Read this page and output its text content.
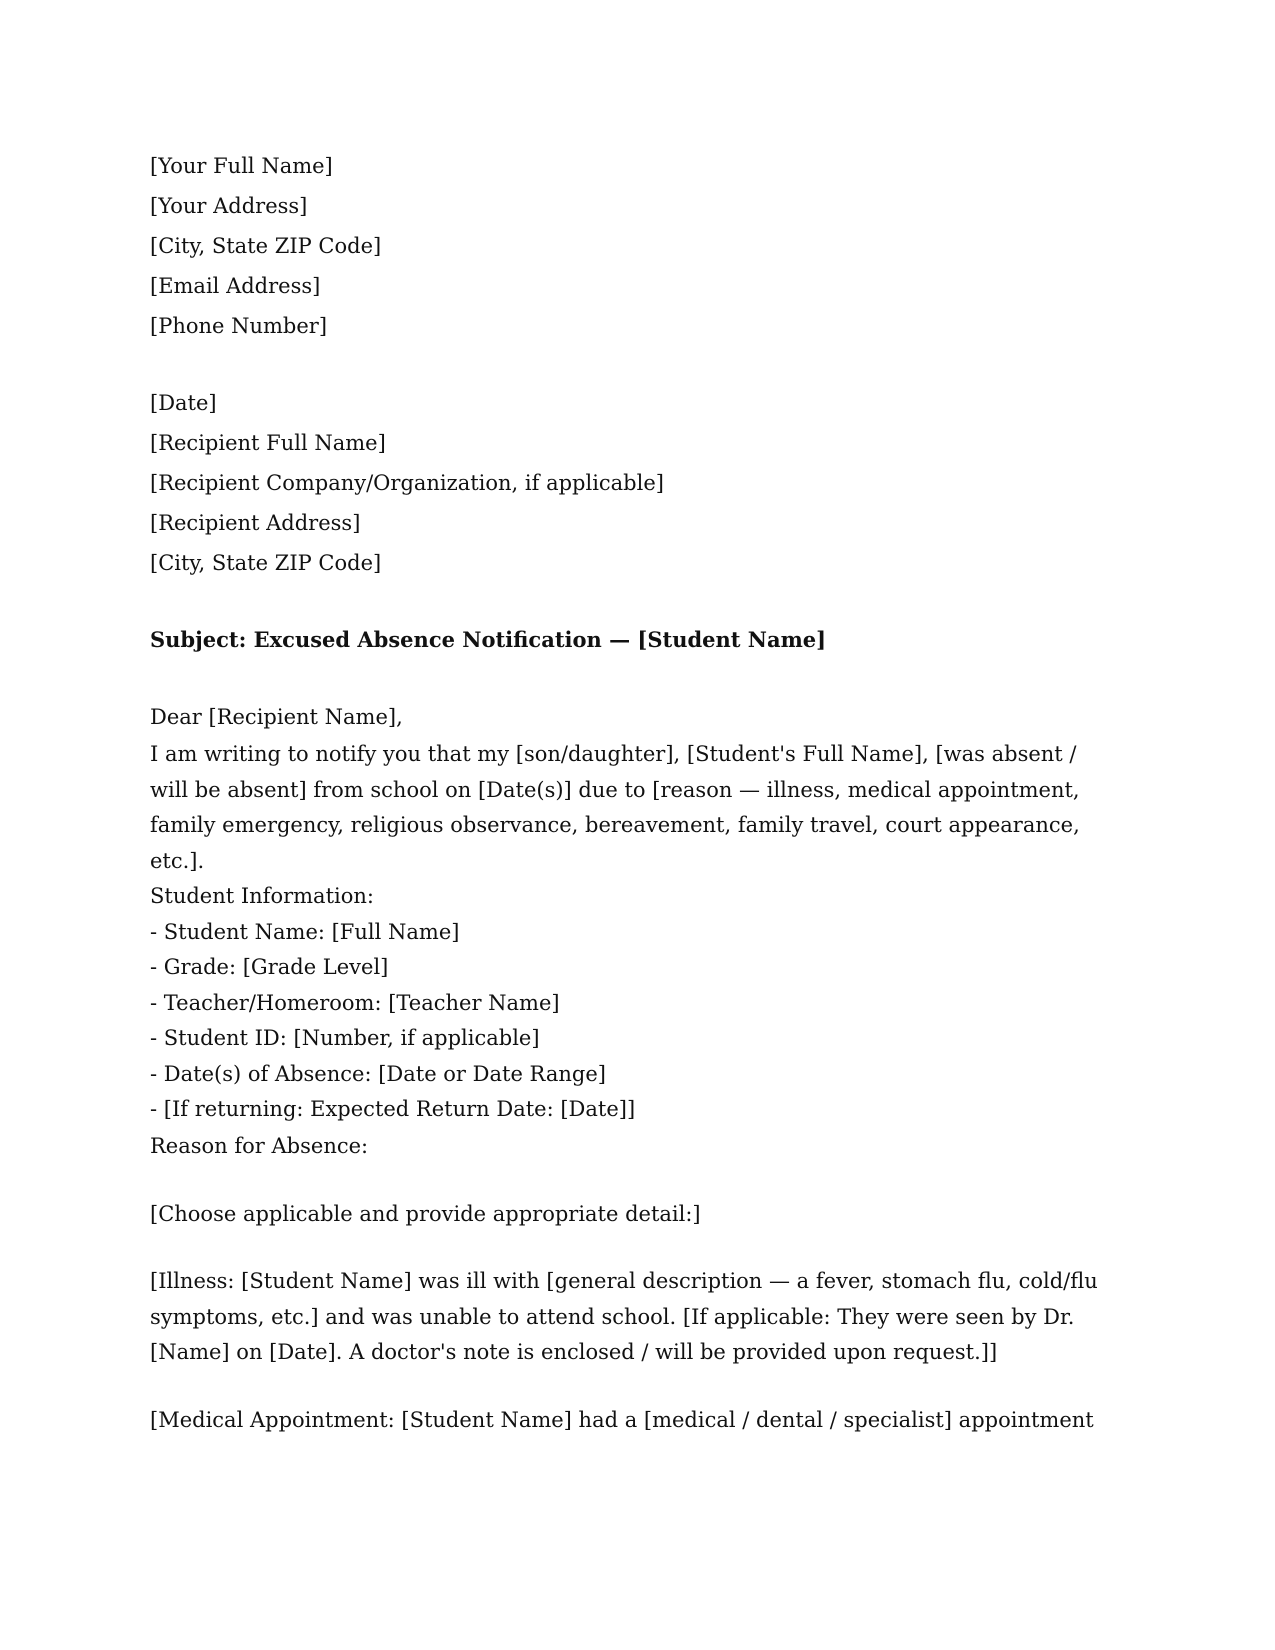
[Your Full Name]
[Your Address]
[City, State ZIP Code]
[Email Address]
[Phone Number]
[Date]
[Recipient Full Name]
[Recipient Company/Organization, if applicable]
[Recipient Address]
[City, State ZIP Code]
Subject: Excused Absence Notification — [Student Name]
Dear [Recipient Name],
I am writing to notify you that my [son/daughter], [Student's Full Name], [was absent /
will be absent] from school on [Date(s)] due to [reason — illness, medical appointment,
family emergency, religious observance, bereavement, family travel, court appearance,
etc.].
Student Information:
- Student Name: [Full Name]
- Grade: [Grade Level]
- Teacher/Homeroom: [Teacher Name]
- Student ID: [Number, if applicable]
- Date(s) of Absence: [Date or Date Range]
- [If returning: Expected Return Date: [Date]]
Reason for Absence:
[Choose applicable and provide appropriate detail:]
[Illness: [Student Name] was ill with [general description — a fever, stomach flu, cold/flu
symptoms, etc.] and was unable to attend school. [If applicable: They were seen by Dr.
[Name] on [Date]. A doctor's note is enclosed / will be provided upon request.]]
[Medical Appointment: [Student Name] had a [medical / dental / specialist] appointment
